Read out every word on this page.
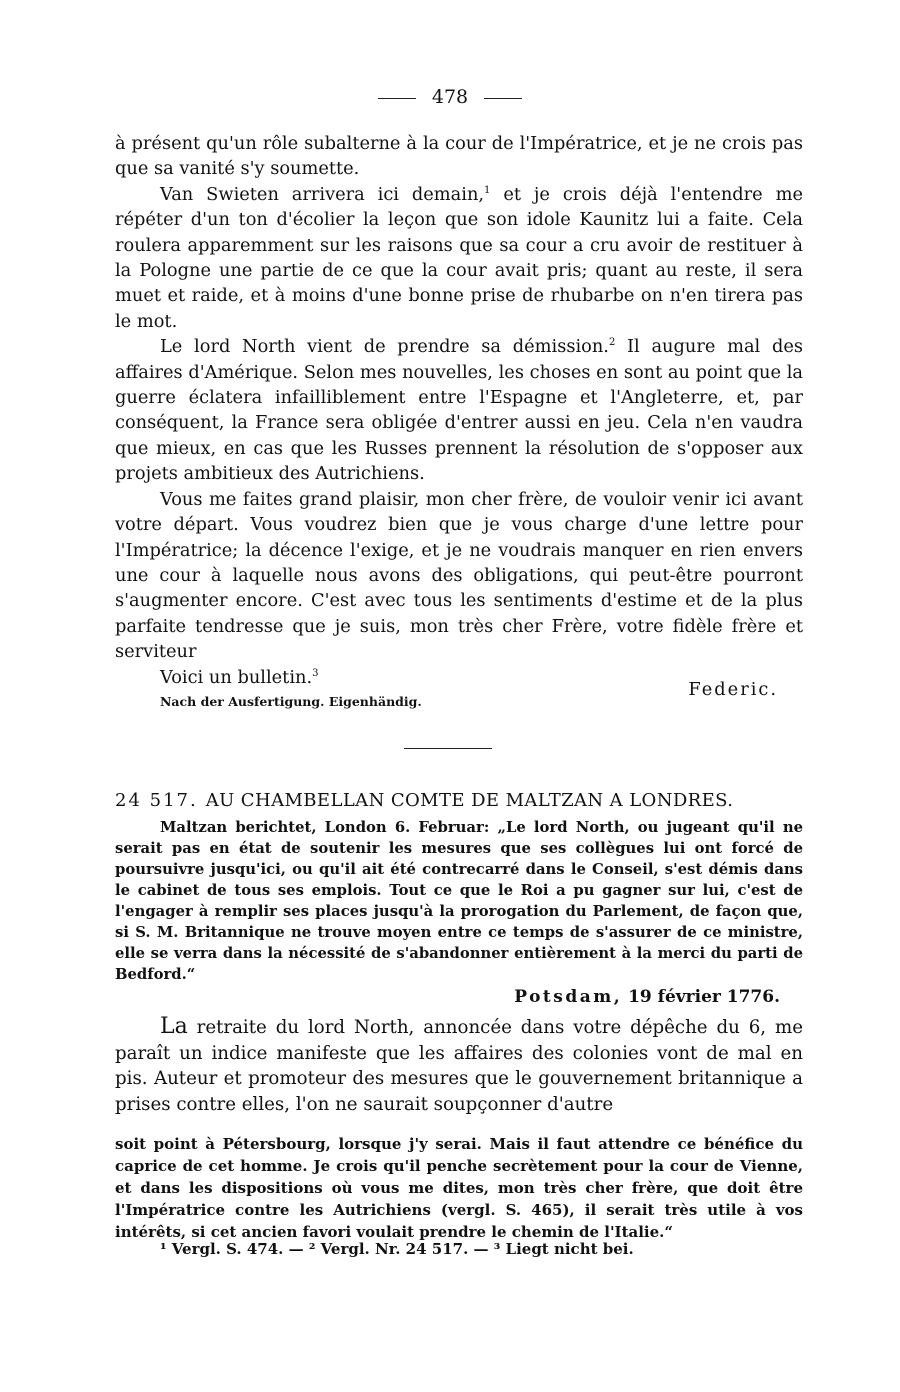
478

à présent qu'un rôle subalterne à la cour de l'Impératrice, et je ne crois pas que sa vanité s'y soumette.

Van Swieten arrivera ici demain,$^1$ et je crois déjà l'entendre me répéter d'un ton d'écolier la leçon que son idole Kaunitz lui a faite. Cela roulera apparemment sur les raisons que sa cour a cru avoir de restituer à la Pologne une partie de ce que la cour avait pris; quant au reste, il sera muet et raide, et à moins d'une bonne prise de rhubarbe on n'en tirera pas le mot.

Le lord North vient de prendre sa démission.$^2$ Il augure mal des affaires d'Amérique. Selon mes nouvelles, les choses en sont au point que la guerre éclatera infailliblement entre l'Espagne et l'Angleterre, et, par conséquent, la France sera obligée d'entrer aussi en jeu. Cela n'en vaudra que mieux, en cas que les Russes prennent la résolution de s'opposer aux projets ambitieux des Autrichiens.

Vous me faites grand plaisir, mon cher frère, de vouloir venir ici avant votre départ. Vous voudrez bien que je vous charge d'une lettre pour l'Impératrice; la décence l'exige, et je ne voudrais manquer en rien envers une cour à laquelle nous avons des obligations, qui peut-être pourront s'augmenter encore. C'est avec tous les sentiments d'estime et de la plus parfaite tendresse que je suis, mon très cher Frère, votre fidèle frère et serviteur

Voici un bulletin.$^3$

Federic.
Nach der Ausfertigung. Eigenhändig.
24 517. AU CHAMBELLAN COMTE DE MALTZAN A LONDRES.

Maltzan berichtet, London 6. Februar: „Le lord North, ou jugeant qu'il ne serait pas en état de soutenir les mesures que ses collègues lui ont forcé de poursuivre jusqu'ici, ou qu'il ait été contrecarré dans le Conseil, s'est démis dans le cabinet de tous ses emplois. Tout ce que le Roi a pu gagner sur lui, c'est de l'engager à remplir ses places jusqu'à la prorogation du Parlement, de façon que, si S. M. Britannique ne trouve moyen entre ce temps de s'assurer de ce ministre, elle se verra dans la nécessité de s'abandonner entièrement à la merci du parti de Bedford.“

Potsdam, 19 février 1776.

La retraite du lord North, annoncée dans votre dépêche du 6, me paraît un indice manifeste que les affaires des colonies vont de mal en pis. Auteur et promoteur des mesures que le gouvernement britannique a prises contre elles, l'on ne saurait soupçonner d'autre

soit point à Pétersbourg, lorsque j'y serai. Mais il faut attendre ce bénéfice du caprice de cet homme. Je crois qu'il penche secrètement pour la cour de Vienne, et dans les dispositions où vous me dites, mon très cher frère, que doit être l'Impératrice contre les Autrichiens (vergl. S. 465), il serait très utile à vos intérêts, si cet ancien favori voulait prendre le chemin de l'Italie.“

¹ Vergl. S. 474. — ² Vergl. Nr. 24 517. — ³ Liegt nicht bei.
